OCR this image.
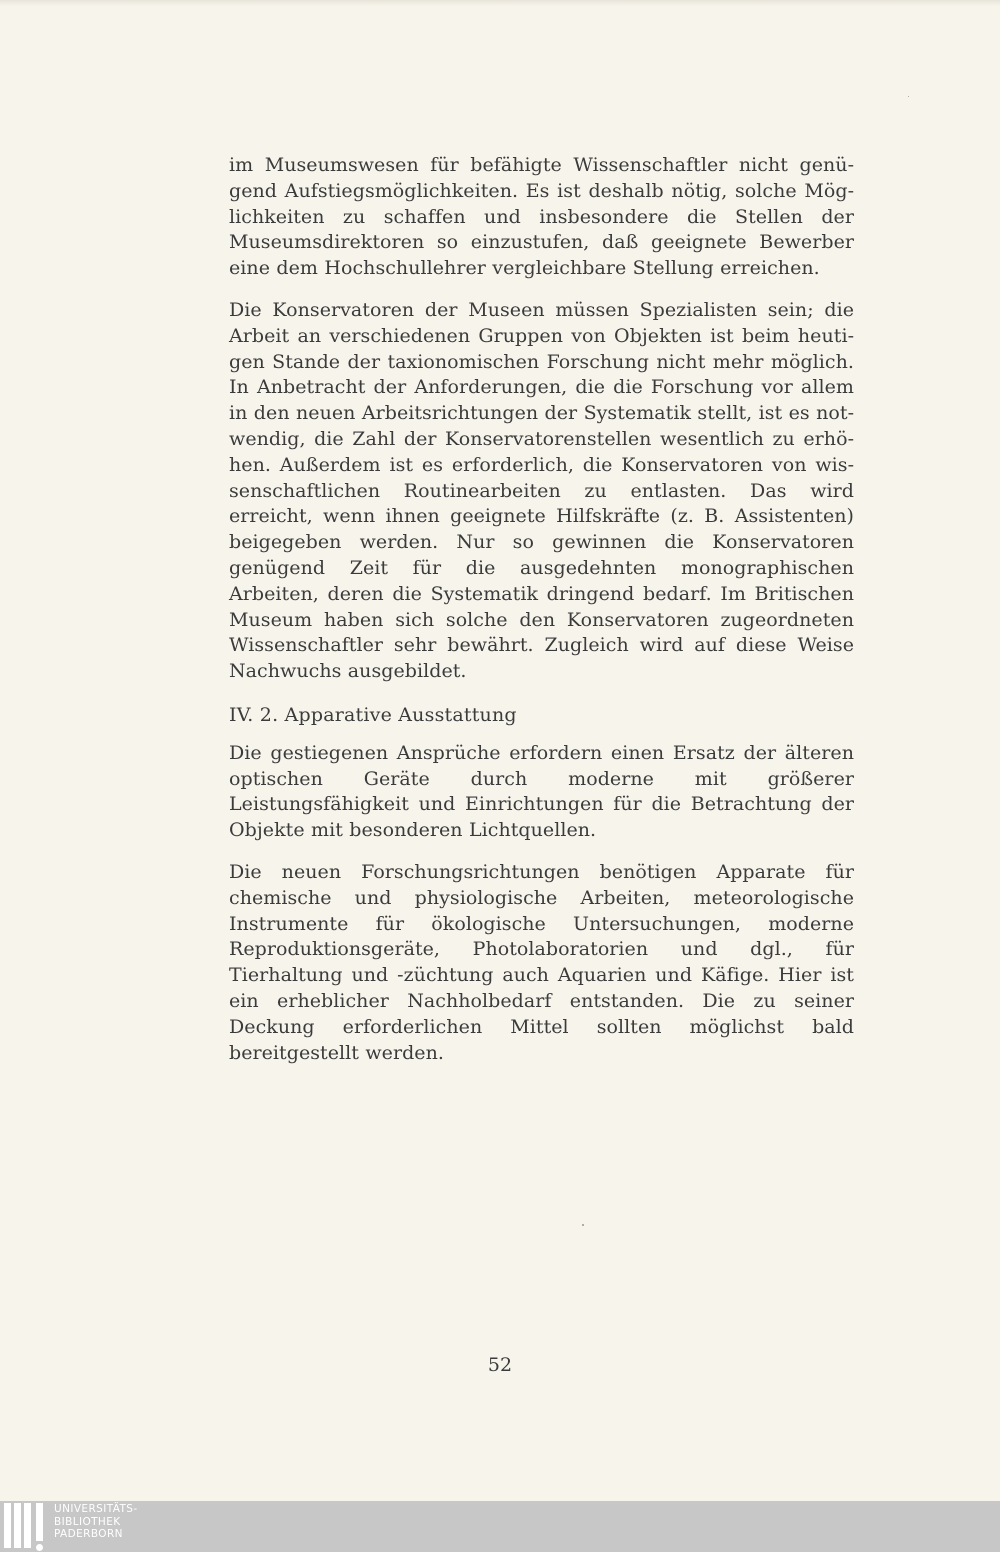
im Museumswesen für befähigte Wissenschaftler nicht genügend Aufstiegsmöglichkeiten. Es ist deshalb nötig, solche Möglichkeiten zu schaffen und insbesondere die Stellen der Museumsdirektoren so einzustufen, daß geeignete Bewerber eine dem Hochschullehrer vergleichbare Stellung erreichen.

Die Konservatoren der Museen müssen Spezialisten sein; die Arbeit an verschiedenen Gruppen von Objekten ist beim heutigen Stande der taxionomischen Forschung nicht mehr möglich. In Anbetracht der Anforderungen, die die Forschung vor allem in den neuen Arbeitsrichtungen der Systematik stellt, ist es notwendig, die Zahl der Konservatorenstellen wesentlich zu erhöhen. Außerdem ist es erforderlich, die Konservatoren von wissenschaftlichen Routinearbeiten zu entlasten. Das wird erreicht, wenn ihnen geeignete Hilfskräfte (z. B. Assistenten) beigegeben werden. Nur so gewinnen die Konservatoren genügend Zeit für die ausgedehnten monographischen Arbeiten, deren die Systematik dringend bedarf. Im Britischen Museum haben sich solche den Konservatoren zugeordneten Wissenschaftler sehr bewährt. Zugleich wird auf diese Weise Nachwuchs ausgebildet.

IV. 2. Apparative Ausstattung

Die gestiegenen Ansprüche erfordern einen Ersatz der älteren optischen Geräte durch moderne mit größerer Leistungsfähigkeit und Einrichtungen für die Betrachtung der Objekte mit besonderen Lichtquellen.

Die neuen Forschungsrichtungen benötigen Apparate für chemische und physiologische Arbeiten, meteorologische Instrumente für ökologische Untersuchungen, moderne Reproduktionsgeräte, Photolaboratorien und dgl., für Tierhaltung und -züchtung auch Aquarien und Käfige. Hier ist ein erheblicher Nachholbedarf entstanden. Die zu seiner Deckung erforderlichen Mittel sollten möglichst bald bereitgestellt werden.

52
UNIVERSITÄTS-
BIBLIOTHEK
PADERBORN
